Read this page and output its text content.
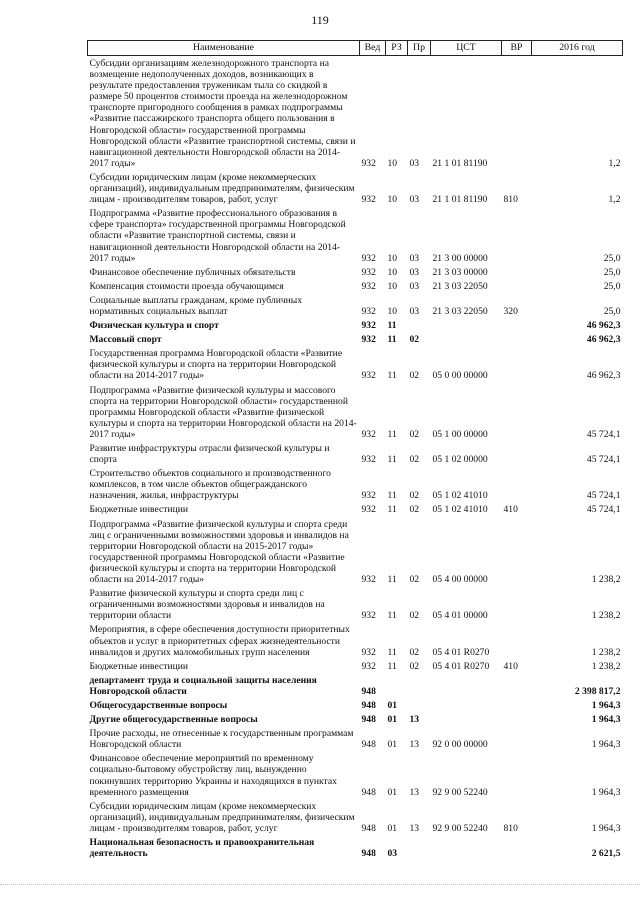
119
Наименование	Вед	РЗ	Пр	ЦСТ	ВР	2016 год
Субсидии организациям железнодорожного транспорта на возмещение недополученных доходов, возникающих в результате предоставления труженикам тыла со скидкой в размере 50 процентов стоимости проезда на железнодорожном транспорте пригородного сообщения в рамках подпрограммы «Развитие пассажирского транспорта общего пользования в Новгородской области» государственной программы Новгородской области «Развитие транспортной системы, связи и навигационной деятельности Новгородской области на 2014-2017 годы»	932	10	03	21 1 01 81190		1,2
Субсидии юридическим лицам (кроме некоммерческих организаций), индивидуальным предпринимателям, физическим лицам - производителям товаров, работ, услуг	932	10	03	21 1 01 81190	810	1,2
Подпрограмма «Развитие профессионального образования в сфере транспорта» государственной программы Новгородской области «Развитие транспортной системы, связи и навигационной деятельности Новгородской области на 2014-2017 годы»	932	10	03	21 3 00 00000		25,0
Финансовое обеспечение публичных обязательств	932	10	03	21 3 03 00000		25,0
Компенсация стоимости проезда обучающимся	932	10	03	21 3 03 22050		25,0
Социальные выплаты гражданам, кроме публичных нормативных социальных выплат	932	10	03	21 3 03 22050	320	25,0
Физическая культура и спорт	932	11				46 962,3
Массовый спорт	932	11	02			46 962,3
Государственная программа Новгородской области «Развитие физической культуры и спорта на территории Новгородской области на 2014-2017 годы»	932	11	02	05 0 00 00000		46 962,3
Подпрограмма «Развитие физической культуры и массового спорта на территории Новгородской области» государственной программы Новгородской области «Развитие физической культуры и спорта на территории Новгородской области на 2014-2017 годы»	932	11	02	05 1 00 00000		45 724,1
Развитие инфраструктуры отрасли физической культуры и спорта	932	11	02	05 1 02 00000		45 724,1
Строительство объектов социального и производственного комплексов, в том числе объектов общегражданского назначения, жилья, инфраструктуры	932	11	02	05 1 02 41010		45 724,1
Бюджетные инвестиции	932	11	02	05 1 02 41010	410	45 724,1
Подпрограмма «Развитие физической культуры и спорта среди лиц с ограниченными возможностями здоровья и инвалидов на территории Новгородской области на 2015-2017 годы» государственной программы Новгородской области «Развитие физической культуры и спорта на территории Новгородской области на 2014-2017 годы»	932	11	02	05 4 00 00000		1 238,2
Развитие физической культуры и спорта среди лиц с ограниченными возможностями здоровья и инвалидов на территории области	932	11	02	05 4 01 00000		1 238,2
Мероприятия, в сфере обеспечения доступности приоритетных объектов и услуг в приоритетных сферах жизнедеятельности инвалидов и других маломобильных групп населения	932	11	02	05 4 01 R0270		1 238,2
Бюджетные инвестиции	932	11	02	05 4 01 R0270	410	1 238,2
департамент труда и социальной защиты населения Новгородской области	948					2 398 817,2
Общегосударственные вопросы	948	01				1 964,3
Другие общегосударственные вопросы	948	01	13			1 964,3
Прочие расходы, не отнесенные к государственным программам Новгородской области	948	01	13	92 0 00 00000		1 964,3
Финансовое обеспечение мероприятий по временному социально-бытовому обустройству лиц, вынужденно покинувших территорию Украины и находящихся в пунктах временного размещения	948	01	13	92 9 00 52240		1 964,3
Субсидии юридическим лицам (кроме некоммерческих организаций), индивидуальным предпринимателям, физическим лицам - производителям товаров, работ, услуг	948	01	13	92 9 00 52240	810	1 964,3
Национальная безопасность и правоохранительная деятельность	948	03				2 621,5
